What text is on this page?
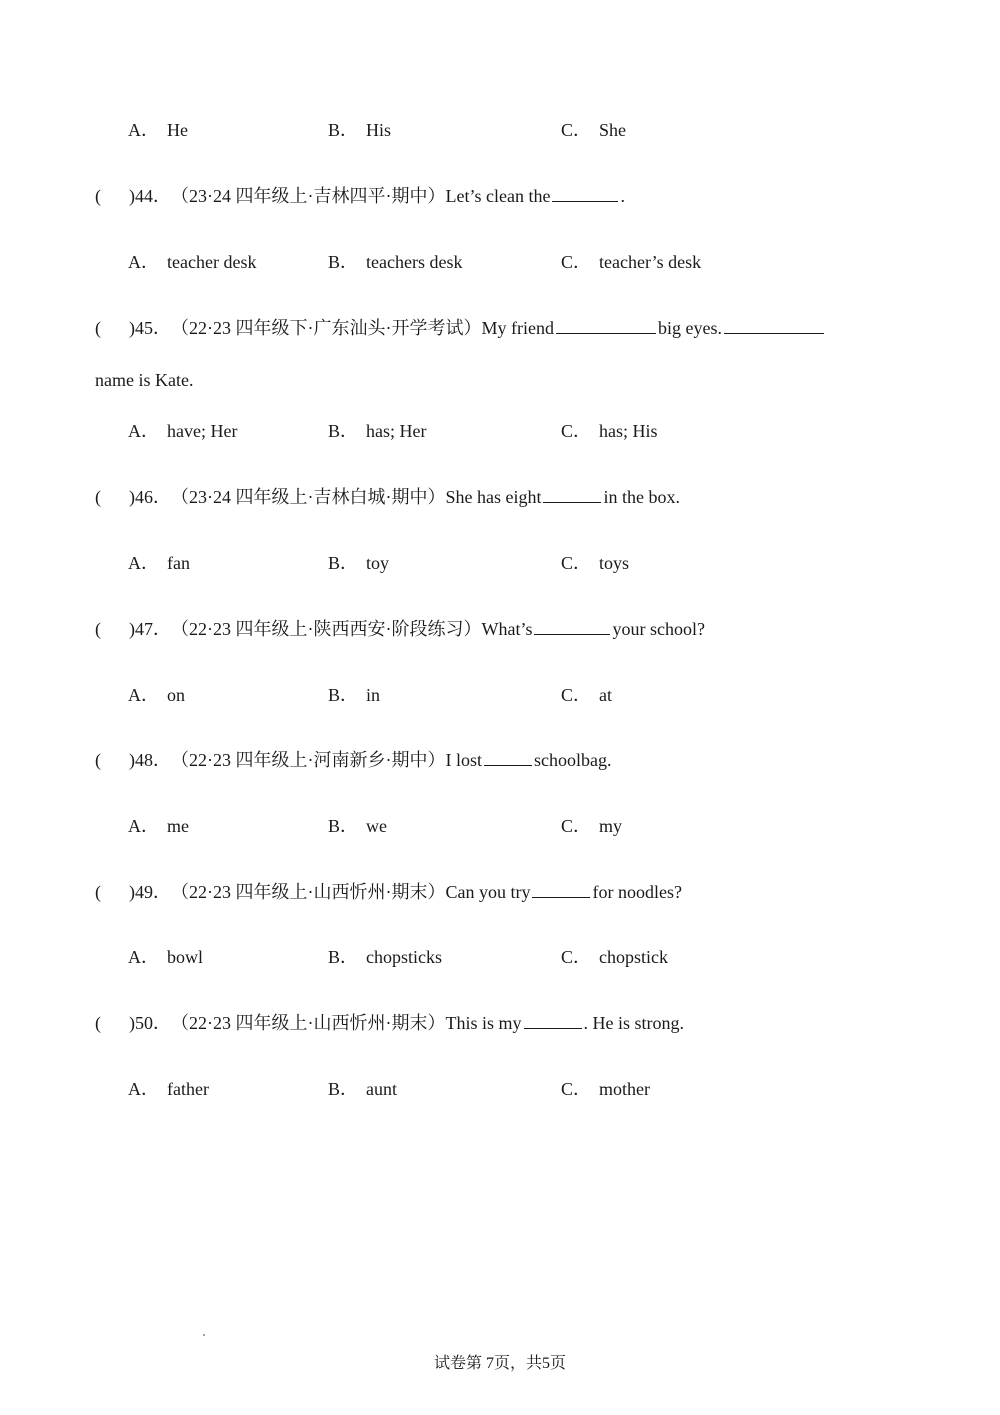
A． He	B． His	C． She
( )44．（23·24 四年级上·吉林四平·期中）Let’s clean the	.
A． teacher desk	B． teachers desk	C． teacher’s desk
( )45．（22·23 四年级下·广东汕头·开学考试）My friend	big eyes.
name is Kate.
A． have; Her	B． has; Her	C． has; His
( )46．（23·24 四年级上·吉林白城·期中）She has eight	in the box.
A． fan	B． toy	C． toys
( )47．（22·23 四年级上·陕西西安·阶段练习）What’s	your school?
A． on	B． in	C． at
( )48．（22·23 四年级上·河南新乡·期中）I lost	schoolbag.
A． me	B． we	C． my
( )49．（22·23 四年级上·山西忻州·期末）Can you try	for noodles?
A． bowl	B． chopsticks	C． chopstick
( )50．（22·23 四年级上·山西忻州·期末）This is my	. He is strong.
A． father	B． aunt	C． mother
试卷第 7页，共5页
